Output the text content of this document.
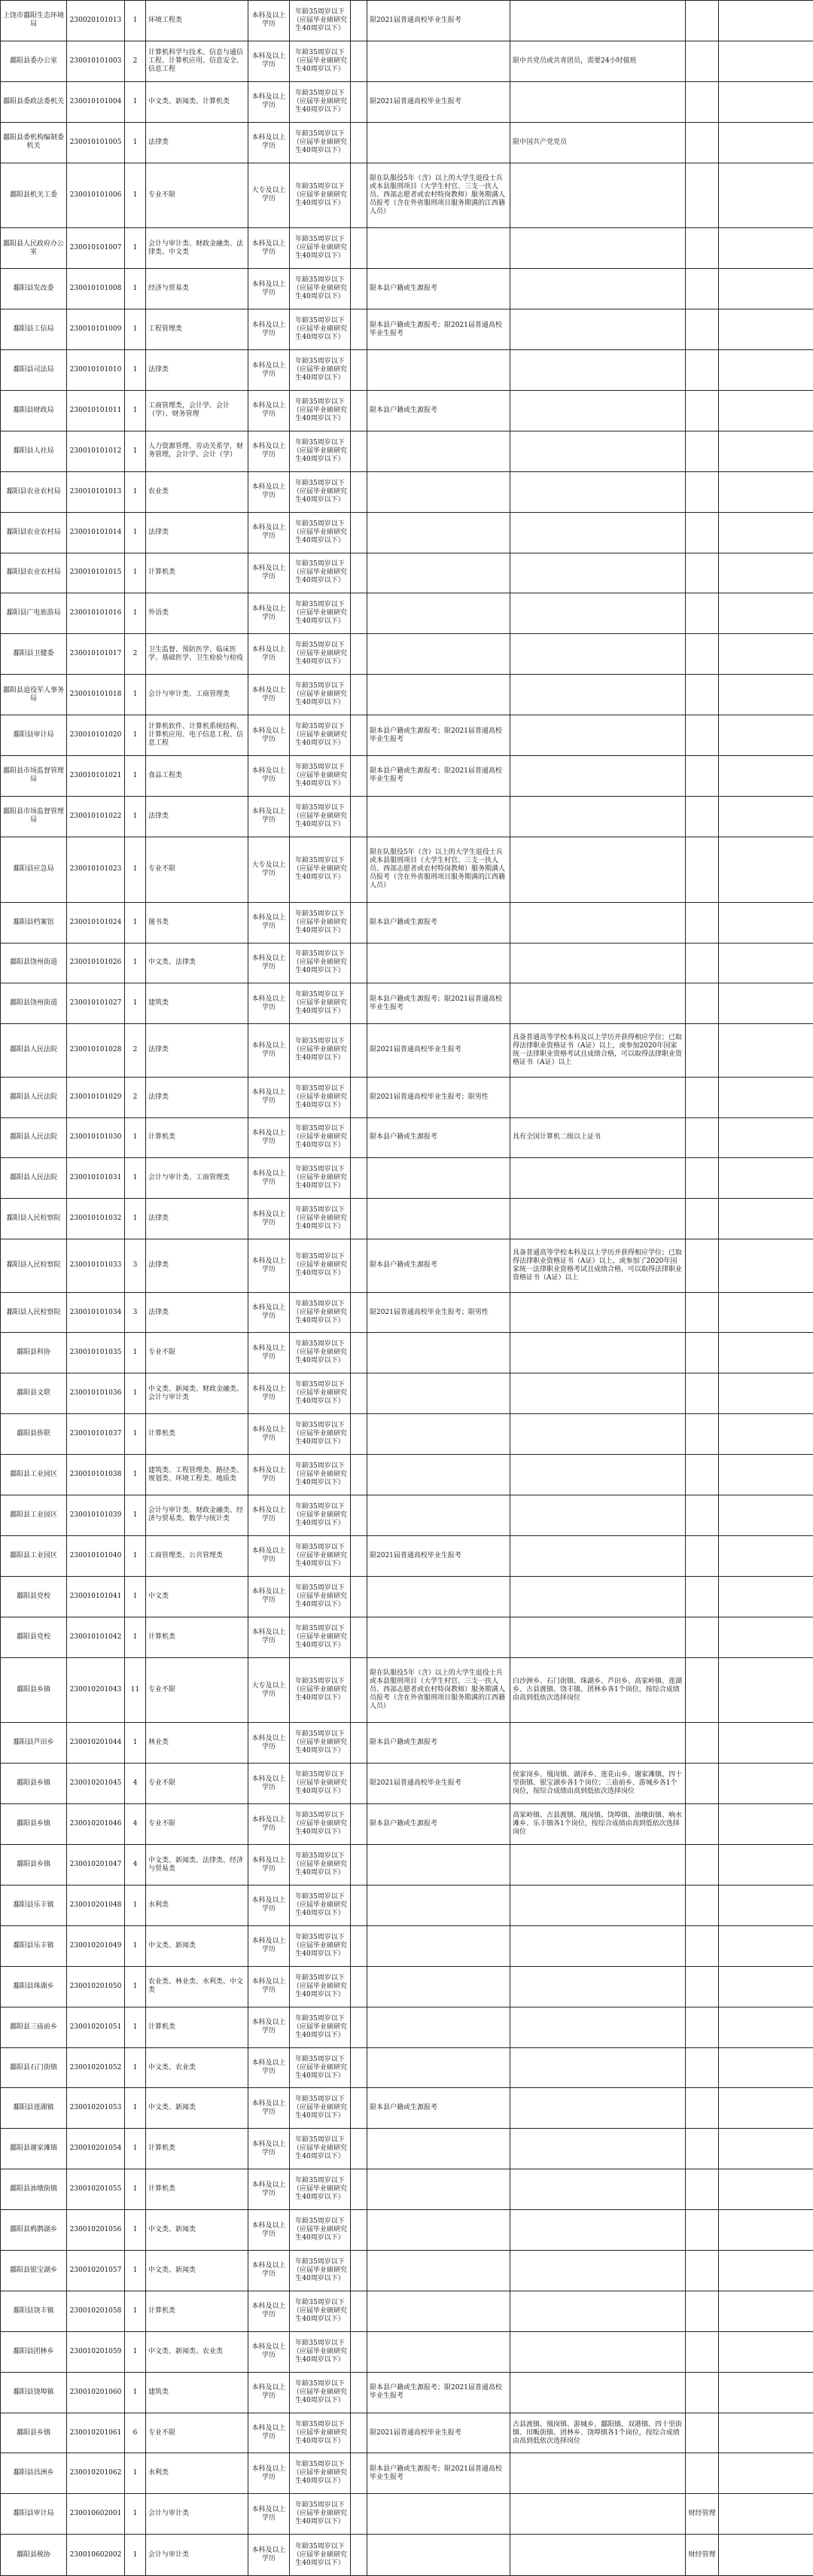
上饶市鄱阳生态环境局	230020101013	1	环境工程类	本科及以上学历	年龄35周岁以下（应届毕业硕研究生40周岁以下）		限2021届普通高校毕业生报考			
鄱阳县委办公室	230010101003	2	计算机科学与技术、信息与通信工程、计算机应用、信息安全、信息工程	本科及以上学历	年龄35周岁以下（应届毕业硕研究生40周岁以下）			限中共党员或共青团员，需要24小时值班		
鄱阳县委政法委机关	230010101004	1	中文类、新闻类、计算机类	本科及以上学历	年龄35周岁以下（应届毕业硕研究生40周岁以下）		限2021届普通高校毕业生报考			
鄱阳县委机构编制委机关	230010101005	1	法律类	本科及以上学历	年龄35周岁以下（应届毕业硕研究生40周岁以下）			限中国共产党党员		
鄱阳县机关工委	230010101006	1	专业不限	大专及以上学历	年龄35周岁以下（应届毕业硕研究生40周岁以下）		限在队服役5年（含）以上的大学生退役士兵或本县服刑项目（大学生村官、三支一扶人员、西部志愿者或农村特岗教师）服务期满人员报考（含在外省服刑项目服务期满的江西籍人员）			
鄱阳县人民政府办公室	230010101007	1	会计与审计类、财政金融类、法律类、中文类	本科及以上学历	年龄35周岁以下（应届毕业硕研究生40周岁以下）					
鄱阳县发改委	230010101008	1	经济与贸易类	本科及以上学历	年龄35周岁以下（应届毕业硕研究生40周岁以下）		限本县户籍或生源报考			
鄱阳县工信局	230010101009	1	工程管理类	本科及以上学历	年龄35周岁以下（应届毕业硕研究生40周岁以下）		限本县户籍或生源报考；限2021届普通高校毕业生报考			
鄱阳县司法局	230010101010	1	法律类	本科及以上学历	年龄35周岁以下（应届毕业硕研究生40周岁以下）					
鄱阳县财政局	230010101011	1	工商管理类，会计学、会计（学）、财务管理	本科及以上学历	年龄35周岁以下（应届毕业硕研究生40周岁以下）		限本县户籍或生源报考			
鄱阳县人社局	230010101012	1	人力资源管理、劳动关系学，财务管理，会计学、会计（学）	本科及以上学历	年龄35周岁以下（应届毕业硕研究生40周岁以下）					
鄱阳县农业农村局	230010101013	1	农业类	本科及以上学历	年龄35周岁以下（应届毕业硕研究生40周岁以下）					
鄱阳县农业农村局	230010101014	1	法律类	本科及以上学历	年龄35周岁以下（应届毕业硕研究生40周岁以下）					
鄱阳县农业农村局	230010101015	1	计算机类	本科及以上学历	年龄35周岁以下（应届毕业硕研究生40周岁以下）					
鄱阳县广电旅游局	230010101016	1	外语类	本科及以上学历	年龄35周岁以下（应届毕业硕研究生40周岁以下）					
鄱阳县卫健委	230010101017	2	卫生监督、预防医学、临床医学、基础医学、卫生检验与检疫	本科及以上学历	年龄35周岁以下（应届毕业硕研究生40周岁以下）					
鄱阳县退役军人事务局	230010101018	1	会计与审计类、工商管理类	本科及以上学历	年龄35周岁以下（应届毕业硕研究生40周岁以下）					
鄱阳县审计局	230010101020	1	计算机软件、计算机系统结构、计算机应用、电子信息工程、信息工程	本科及以上学历	年龄35周岁以下（应届毕业硕研究生40周岁以下）		限本县户籍或生源报考；限2021届普通高校毕业生报考			
鄱阳县市场监督管理局	230010101021	1	食品工程类	本科及以上学历	年龄35周岁以下（应届毕业硕研究生40周岁以下）		限本县户籍或生源报考；限2021届普通高校毕业生报考			
鄱阳县市场监督管理局	230010101022	1	法律类	本科及以上学历	年龄35周岁以下（应届毕业硕研究生40周岁以下）					
鄱阳县应急局	230010101023	1	专业不限	大专及以上学历	年龄35周岁以下（应届毕业硕研究生40周岁以下）		限在队服役5年（含）以上的大学生退役士兵或本县服刑项目（大学生村官、三支一扶人员、西部志愿者或农村特岗教师）服务期满人员报考（含在外省服刑项目服务期满的江西籍人员）			
鄱阳县档案馆	230010101024	1	图书类	本科及以上学历	年龄35周岁以下（应届毕业硕研究生40周岁以下）		限本县户籍或生源报考			
鄱阳县饶州街道	230010101026	1	中文类、法律类	本科及以上学历	年龄35周岁以下（应届毕业硕研究生40周岁以下）					
鄱阳县饶州街道	230010101027	1	建筑类	本科及以上学历	年龄35周岁以下（应届毕业硕研究生40周岁以下）		限本县户籍或生源报考；限2021届普通高校毕业生报考			
鄱阳县人民法院	230010101028	2	法律类	本科及以上学历	年龄35周岁以下（应届毕业硕研究生40周岁以下）		限2021届普通高校毕业生报考	具备普通高等学校本科及以上学历并获得相应学位；已取得法律职业资格证书（A证）以上，或参加2020年国家统一法律职业资格考试且成绩合格，可以取得法律职业资格证书（A证）以上		
鄱阳县人民法院	230010101029	2	法律类	本科及以上学历	年龄35周岁以下（应届毕业硕研究生40周岁以下）		限2021届普通高校毕业生报考；限男性			
鄱阳县人民法院	230010101030	1	计算机类	本科及以上学历	年龄35周岁以下（应届毕业硕研究生40周岁以下）		限本县户籍或生源报考	具有全国计算机二级以上证书		
鄱阳县人民法院	230010101031	1	会计与审计类、工商管理类	本科及以上学历	年龄35周岁以下（应届毕业硕研究生40周岁以下）					
鄱阳县人民检察院	230010101032	1	法律类	本科及以上学历	年龄35周岁以下（应届毕业硕研究生40周岁以下）					
鄱阳县人民检察院	230010101033	3	法律类	本科及以上学历	年龄35周岁以下（应届毕业硕研究生40周岁以下）		限本县户籍或生源报考	具备普通高等学校本科及以上学历并获得相应学位；已取得法律职业资格证书（A证）以上，或参加了2020年国家统一法律职业资格考试且成绩合格，可以取得法律职业资格证书（A证）以上		
鄱阳县人民检察院	230010101034	3	法律类	本科及以上学历	年龄35周岁以下（应届毕业硕研究生40周岁以下）		限2021届普通高校毕业生报考；限男性			
鄱阳县科协	230010101035	1	专业不限	本科及以上学历	年龄35周岁以下（应届毕业硕研究生40周岁以下）					
鄱阳县文联	230010101036	1	中文类、新闻类、财政金融类、会计与审计类	本科及以上学历	年龄35周岁以下（应届毕业硕研究生40周岁以下）					
鄱阳县侨联	230010101037	1	计算机类	本科及以上学历	年龄35周岁以下（应届毕业硕研究生40周岁以下）					
鄱阳县工业园区	230010101038	1	建筑类、工程管理类、路径类、规划类、环境工程类、地质类	本科及以上学历	年龄35周岁以下（应届毕业硕研究生40周岁以下）					
鄱阳县工业园区	230010101039	1	会计与审计类、财政金融类、经济与贸易类、数学与统计类	本科及以上学历	年龄35周岁以下（应届毕业硕研究生40周岁以下）					
鄱阳县工业园区	230010101040	1	工商管理类、公共管理类	本科及以上学历	年龄35周岁以下（应届毕业硕研究生40周岁以下）		限2021届普通高校毕业生报考			
鄱阳县党校	230010101041	1	中文类	本科及以上学历	年龄35周岁以下（应届毕业硕研究生40周岁以下）					
鄱阳县党校	230010101042	1	计算机类	本科及以上学历	年龄35周岁以下（应届毕业硕研究生40周岁以下）					
鄱阳县乡镇	230010201043	11	专业不限	大专及以上学历	年龄35周岁以下（应届毕业硕研究生40周岁以下）		限在队服役5年（含）以上的大学生退役士兵或本县服刑项目（大学生村官、三支一扶人员、西部志愿者或农村特岗教师）服务期满人员报考（含在外省服刑项目服务期满的江西籍人员）	白沙洲乡、石门街镇、珠湖乡、芦田乡、高家岭镇、莲湖乡、古县渡镇、饶丰镇、团林乡各1个岗位，按综合成绩由高到低依次选择岗位		
鄱阳县芦田乡	230010201044	1	林业类	本科及以上学历	年龄35周岁以下（应届毕业硕研究生40周岁以下）		限本县户籍或生源报考			
鄱阳县乡镇	230010201045	4	专业不限	本科及以上学历	年龄35周岁以下（应届毕业硕研究生40周岁以下）		限2021届普通高校毕业生报考	侯家岗乡、凰岗镇、湖泽乡、莲花山乡、谢家滩镇、四十里街镇、银宝湖乡各1个岗位；三庙前乡、游城乡各1个岗位，按综合成绩由高到低依次选择岗位		
鄱阳县乡镇	230010201046	4	专业不限	本科及以上学历	年龄35周岁以下（应届毕业硕研究生40周岁以下）		限本县户籍或生源报考	高家岭镇、古县渡镇、凰岗镇、饶埠镇、油墩街镇、响水滩乡、乐丰镇各1个岗位，按综合成绩由高到低依次选择岗位		
鄱阳县乡镇	230010201047	4	中文类、新闻类、法律类、经济与贸易类	本科及以上学历	年龄35周岁以下（应届毕业硕研究生40周岁以下）					
鄱阳县乐丰镇	230010201048	1	水利类	本科及以上学历	年龄35周岁以下（应届毕业硕研究生40周岁以下）					
鄱阳县乐丰镇	230010201049	1	中文类、新闻类	本科及以上学历	年龄35周岁以下（应届毕业硕研究生40周岁以下）					
鄱阳县珠湖乡	230010201050	1	农业类、林业类、水利类、中文类	本科及以上学历	年龄35周岁以下（应届毕业硕研究生40周岁以下）					
鄱阳县三庙前乡	230010201051	1	计算机类	本科及以上学历	年龄35周岁以下（应届毕业硕研究生40周岁以下）					
鄱阳县石门街镇	230010201052	1	中文类、农业类	本科及以上学历	年龄35周岁以下（应届毕业硕研究生40周岁以下）					
鄱阳县莲湖镇	230010201053	1	中文类、新闻类	本科及以上学历	年龄35周岁以下（应届毕业硕研究生40周岁以下）		限本县户籍或生源报考			
鄱阳县谢家滩镇	230010201054	1	计算机类	本科及以上学历	年龄35周岁以下（应届毕业硕研究生40周岁以下）					
鄱阳县油墩街镇	230010201055	1	计算机类	本科及以上学历	年龄35周岁以下（应届毕业硕研究生40周岁以下）					
鄱阳县鸦鹊湖乡	230010201056	1	中文类、新闻类	本科及以上学历	年龄35周岁以下（应届毕业硕研究生40周岁以下）					
鄱阳县银宝湖乡	230010201057	1	中文类、新闻类	本科及以上学历	年龄35周岁以下（应届毕业硕研究生40周岁以下）					
鄱阳县饶丰镇	230010201058	1	计算机类	本科及以上学历	年龄35周岁以下（应届毕业硕研究生40周岁以下）					
鄱阳县团林乡	230010201059	1	中文类、新闻类、农业类	本科及以上学历	年龄35周岁以下（应届毕业硕研究生40周岁以下）					
鄱阳县饶埠镇	230010201060	1	建筑类	本科及以上学历	年龄35周岁以下（应届毕业硕研究生40周岁以下）		限本县户籍或生源报考；限2021届普通高校毕业生报考			
鄱阳县乡镇	230010201061	6	专业不限	本科及以上学历	年龄35周岁以下（应届毕业硕研究生40周岁以下）		限2021届普通高校毕业生报考	古县渡镇、凰岗镇、游城乡、鄱阳镇、双港镇、四十里街镇、田畈街镇、团林乡、饶埠镇各1个岗位，按综合成绩由高到低依次选择岗位		
鄱阳县昌洲乡	230010201062	1	水利类	本科及以上学历	年龄35周岁以下（应届毕业硕研究生40周岁以下）		限本县户籍或生源报考；限2021届普通高校毕业生报考			
鄱阳县审计局	230010602001	1	会计与审计类	本科及以上学历	年龄35周岁以下（应届毕业硕研究生40周岁以下）				财经管理	
鄱阳县税协	230010602002	1	会计与审计类	本科及以上学历	年龄35周岁以下（应届毕业硕研究生40周岁以下）				财经管理	
